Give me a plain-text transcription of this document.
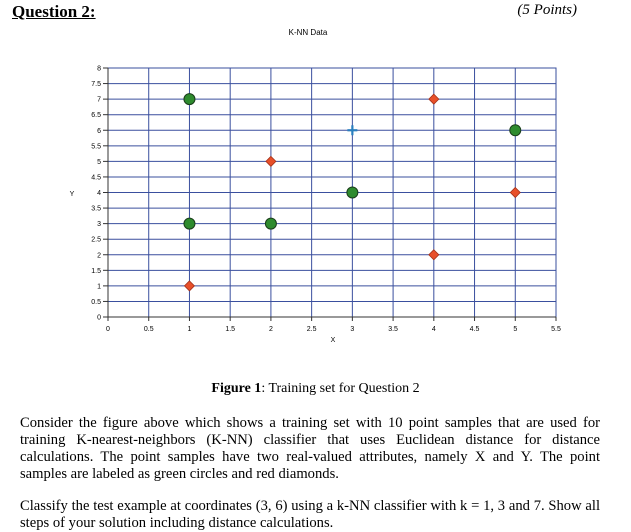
Question 2:	(5 Points)
0	0.5	1	1.5	2	2.5	3	3.5	4	4.5	5	5.5
0
0.5
1
1.5
2
2.5
3
3.5
4
4.5
5
5.5
6
6.5
7
7.5
8
K-NN Data
X
Y
Figure 1: Training set for Question 2

Consider the figure above which shows a training set with 10 point samples that are used for training K-nearest-neighbors (K-NN) classifier that uses Euclidean distance for distance calculations. The point samples have two real-valued attributes, namely X and Y. The point samples are labeled as green circles and red diamonds.

Classify the test example at coordinates (3, 6) using a k-NN classifier with k = 1, 3 and 7. Show all steps of your solution including distance calculations.
